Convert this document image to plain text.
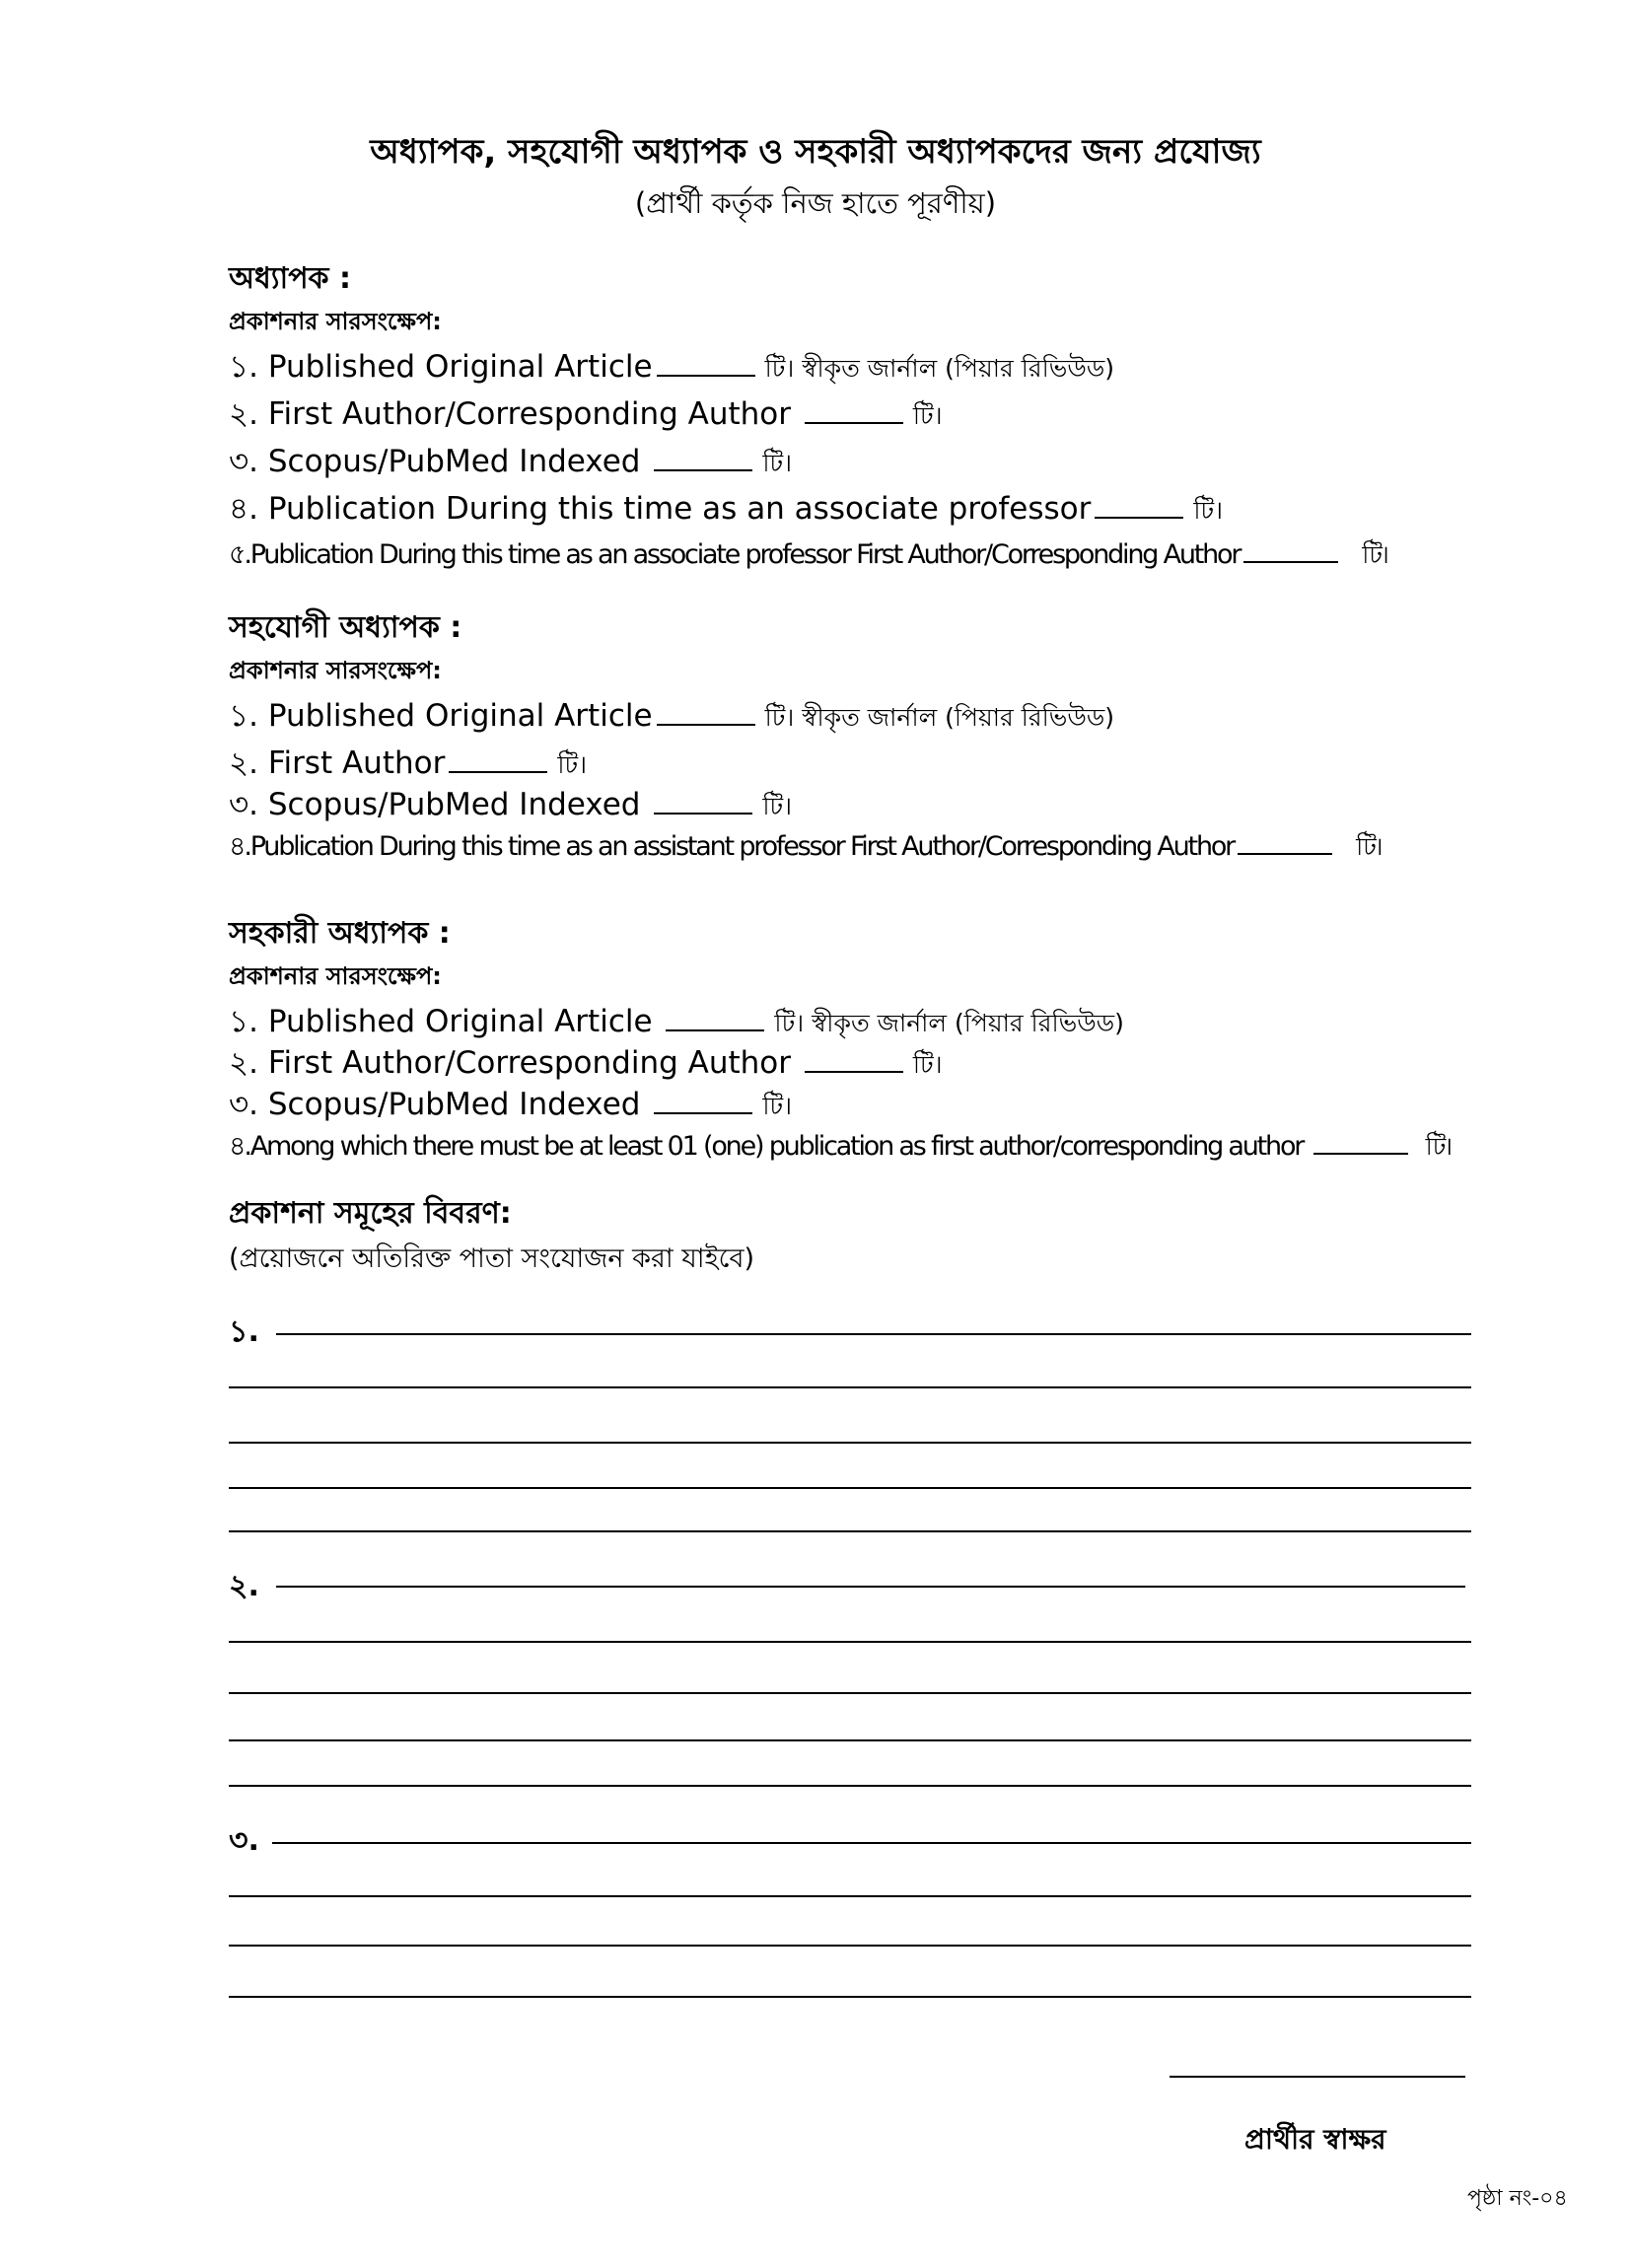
অধ্যাপক, সহযোগী অধ্যাপক ও সহকারী অধ্যাপকদের জন্য প্রযোজ্য
(প্রার্থী কর্তৃক নিজ হাতে পূরণীয়)
অধ্যাপক :
প্রকাশনার সারসংক্ষেপ:
১. Published Original Article	টি। স্বীকৃত জার্নাল (পিয়ার রিভিউড)
২. First Author/Corresponding Author	টি।
৩. Scopus/PubMed Indexed	টি।
৪. Publication During this time as an associate professor	টি।
৫.Publication During this time as an associate professor First Author/Corresponding Author	টি।
সহযোগী অধ্যাপক :
প্রকাশনার সারসংক্ষেপ:
১. Published Original Article	টি। স্বীকৃত জার্নাল (পিয়ার রিভিউড)
২. First Author	টি।
৩. Scopus/PubMed Indexed	টি।
৪.Publication During this time as an assistant professor First Author/Corresponding Author	টি।
সহকারী অধ্যাপক :
প্রকাশনার সারসংক্ষেপ:
১. Published Original Article	টি। স্বীকৃত জার্নাল (পিয়ার রিভিউড)
২. First Author/Corresponding Author	টি।
৩. Scopus/PubMed Indexed	টি।
৪.Among which there must be at least 01 (one) publication as first author/corresponding author	টি।
প্রকাশনা সমূহের বিবরণ:
(প্রয়োজনে অতিরিক্ত পাতা সংযোজন করা যাইবে)
১.
২.
৩.
প্রার্থীর স্বাক্ষর
পৃষ্ঠা নং-০৪
